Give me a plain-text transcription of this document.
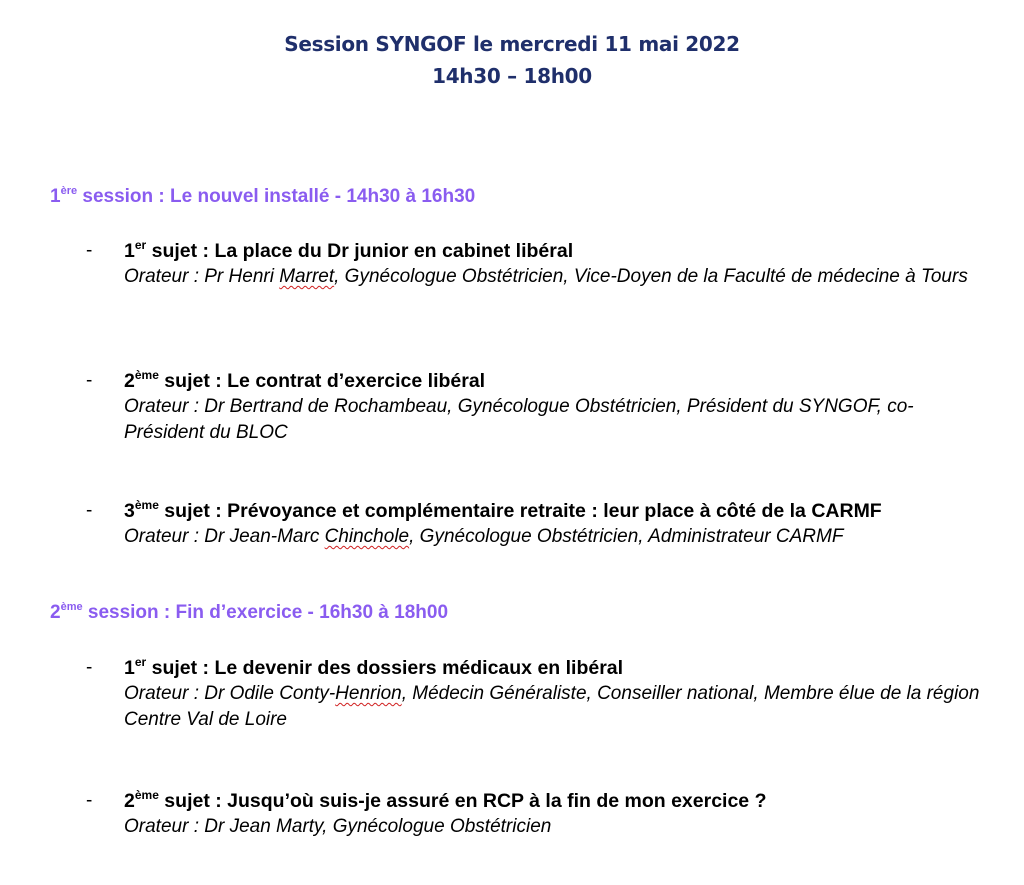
Session SYNGOF le mercredi 11 mai 2022
14h30 – 18h00
1ère session : Le nouvel installé - 14h30 à 16h30
- 1er sujet : La place du Dr junior en cabinet libéral
Orateur : Pr Henri Marret, Gynécologue Obstétricien, Vice-Doyen de la Faculté de médecine à Tours
- 2ème sujet : Le contrat d’exercice libéral
Orateur : Dr Bertrand de Rochambeau, Gynécologue Obstétricien, Président du SYNGOF, co-Président du BLOC
- 3ème sujet : Prévoyance et complémentaire retraite : leur place à côté de la CARMF
Orateur : Dr Jean-Marc Chinchole, Gynécologue Obstétricien, Administrateur CARMF
2ème session : Fin d’exercice - 16h30 à 18h00
- 1er sujet : Le devenir des dossiers médicaux en libéral
Orateur : Dr Odile Conty-Henrion, Médecin Généraliste, Conseiller national, Membre élue de la région Centre Val de Loire
- 2ème sujet : Jusqu’où suis-je assuré en RCP à la fin de mon exercice ?
Orateur : Dr Jean Marty, Gynécologue Obstétricien
